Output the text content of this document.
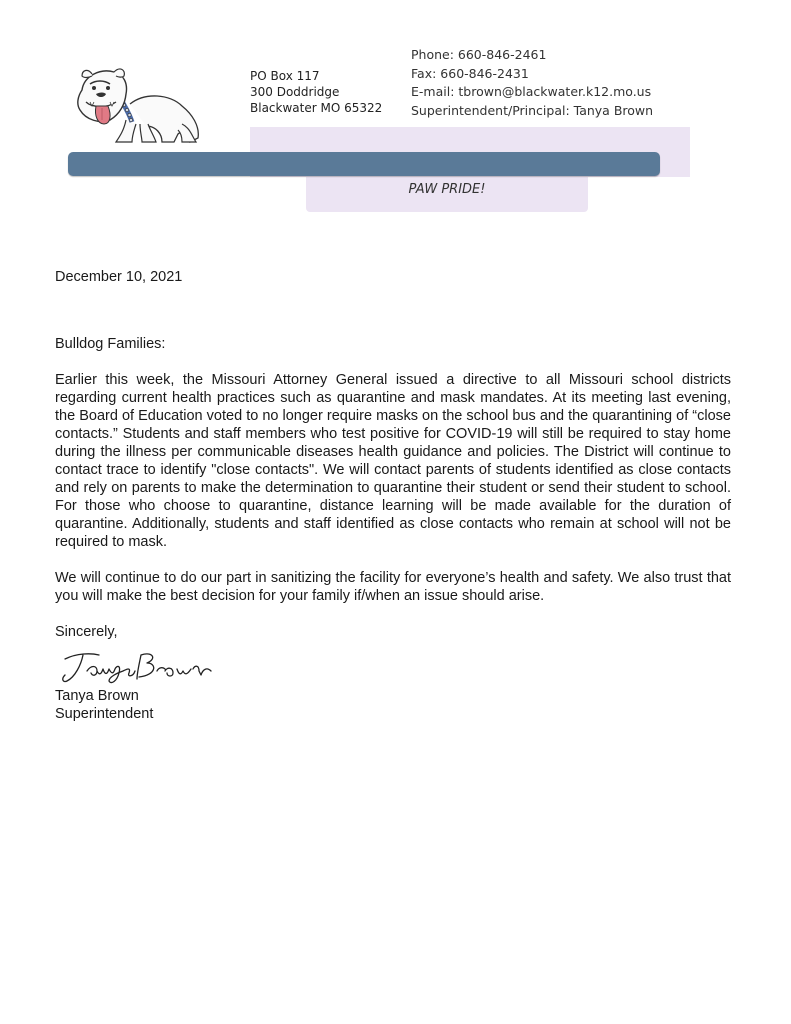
PO Box 117
300 Doddridge
Blackwater MO 65322
Phone: 660-846-2461
Fax: 660-846-2431
E-mail: tbrown@blackwater.k12.mo.us
Superintendent/Principal: Tanya Brown
PAW PRIDE!

December 10, 2021

Bulldog Families:

Earlier this week, the Missouri Attorney General issued a directive to all Missouri school districts regarding current health practices such as quarantine and mask mandates. At its meeting last evening, the Board of Education voted to no longer require masks on the school bus and the quarantining of “close contacts.” Students and staff members who test positive for COVID-19 will still be required to stay home during the illness per communicable diseases health guidance and policies. The District will continue to contact trace to identify "close contacts". We will contact parents of students identified as close contacts and rely on parents to make the determination to quarantine their student or send their student to school. For those who choose to quarantine, distance learning will be made available for the duration of quarantine. Additionally, students and staff identified as close contacts who remain at school will not be required to mask.

We will continue to do our part in sanitizing the facility for everyone’s health and safety. We also trust that you will make the best decision for your family if/when an issue should arise.

Sincerely,

Tanya Brown

Superintendent
